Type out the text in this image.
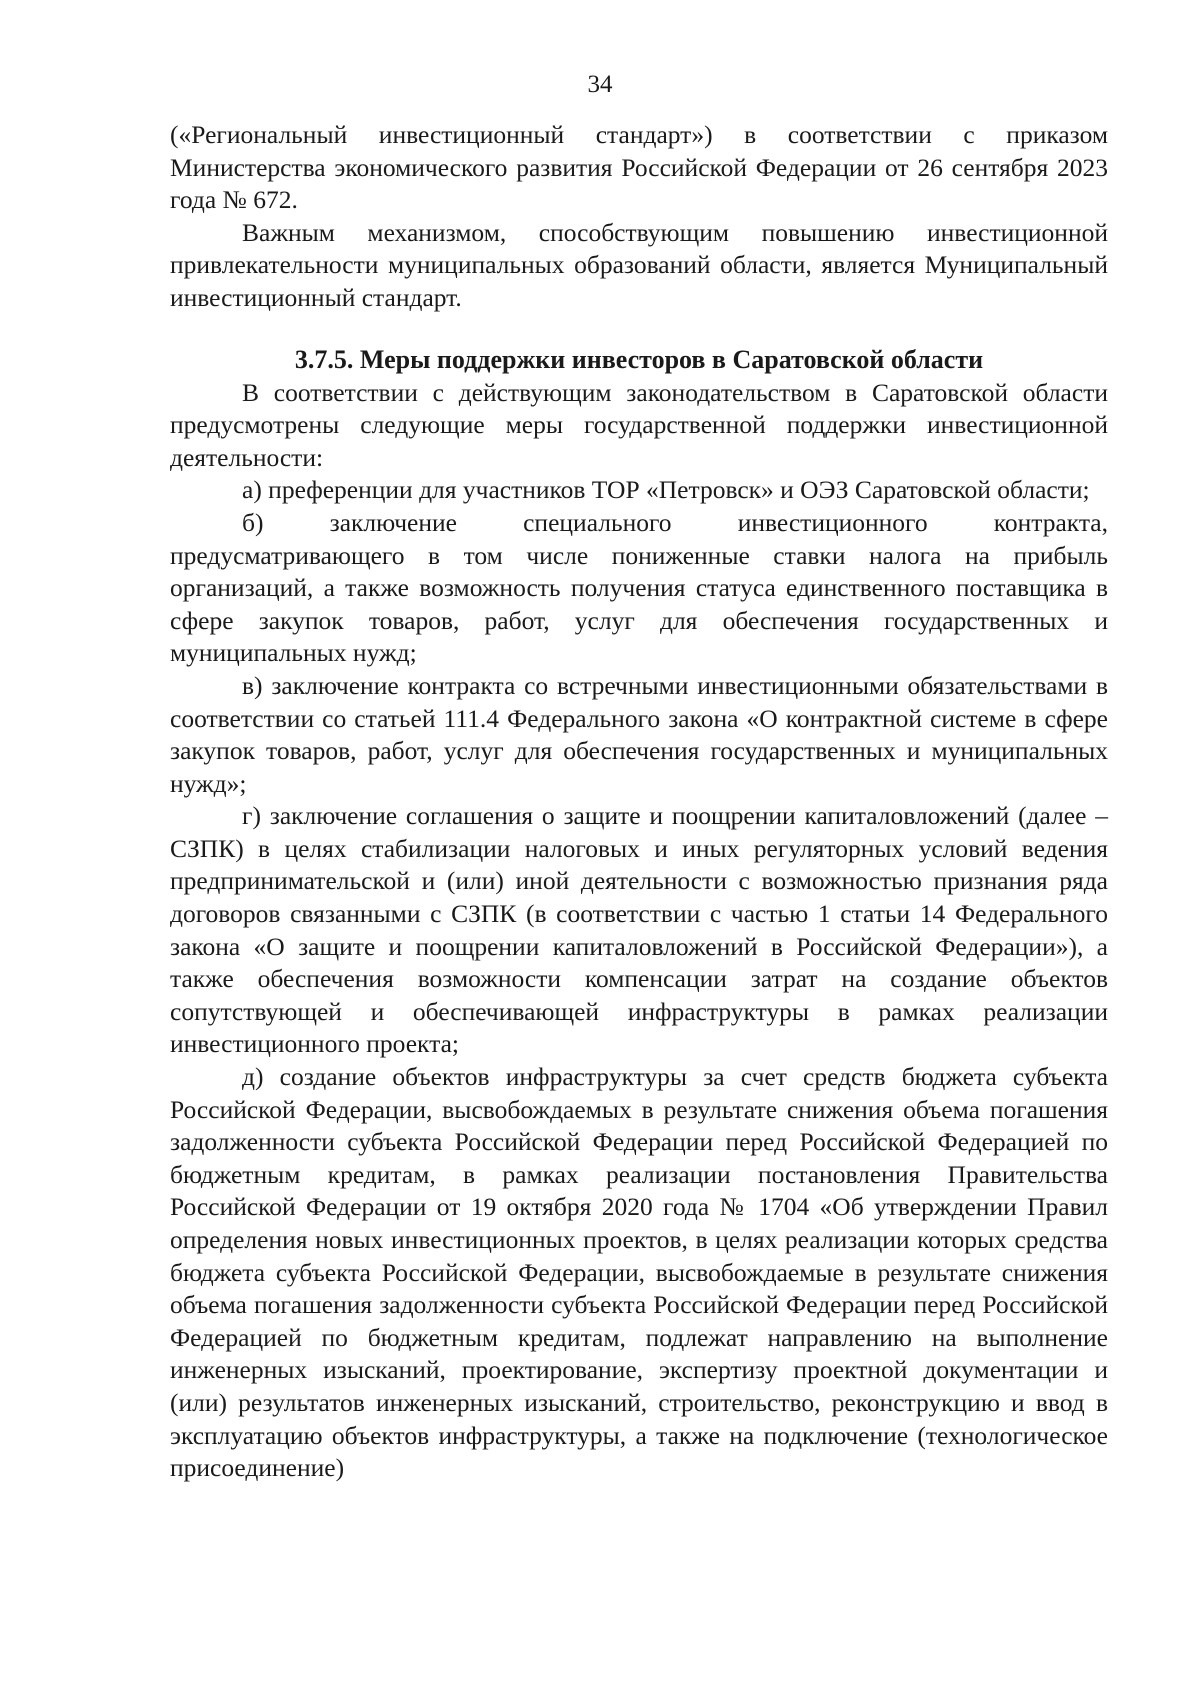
34

(«Региональный инвестиционный стандарт») в соответствии с приказом Министерства экономического развития Российской Федерации от 26 сентября 2023 года № 672.

Важным механизмом, способствующим повышению инвестиционной привлекательности муниципальных образований области, является Муниципальный инвестиционный стандарт.

3.7.5. Меры поддержки инвесторов в Саратовской области

В соответствии с действующим законодательством в Саратовской области предусмотрены следующие меры государственной поддержки инвестиционной деятельности:

а) преференции для участников ТОР «Петровск» и ОЭЗ Саратовской области;

б) заключение специального инвестиционного контракта, предусматривающего в том числе пониженные ставки налога на прибыль организаций, а также возможность получения статуса единственного поставщика в сфере закупок товаров, работ, услуг для обеспечения государственных и муниципальных нужд;

в) заключение контракта со встречными инвестиционными обязательствами в соответствии со статьей 111.4 Федерального закона «О контрактной системе в сфере закупок товаров, работ, услуг для обеспечения государственных и муниципальных нужд»;

г) заключение соглашения о защите и поощрении капиталовложений (далее – СЗПК) в целях стабилизации налоговых и иных регуляторных условий ведения предпринимательской и (или) иной деятельности с возможностью признания ряда договоров связанными с СЗПК (в соответствии с частью 1 статьи 14 Федерального закона «О защите и поощрении капиталовложений в Российской Федерации»), а также обеспечения возможности компенсации затрат на создание объектов сопутствующей и обеспечивающей инфраструктуры в рамках реализации инвестиционного проекта;

д) создание объектов инфраструктуры за счет средств бюджета субъекта Российской Федерации, высвобождаемых в результате снижения объема погашения задолженности субъекта Российской Федерации перед Российской Федерацией по бюджетным кредитам, в рамках реализации постановления Правительства Российской Федерации от 19 октября 2020 года № 1704 «Об утверждении Правил определения новых инвестиционных проектов, в целях реализации которых средства бюджета субъекта Российской Федерации, высвобождаемые в результате снижения объема погашения задолженности субъекта Российской Федерации перед Российской Федерацией по бюджетным кредитам, подлежат направлению на выполнение инженерных изысканий, проектирование, экспертизу проектной документации и (или) результатов инженерных изысканий, строительство, реконструкцию и ввод в эксплуатацию объектов инфраструктуры, а также на подключение (технологическое присоединение)
